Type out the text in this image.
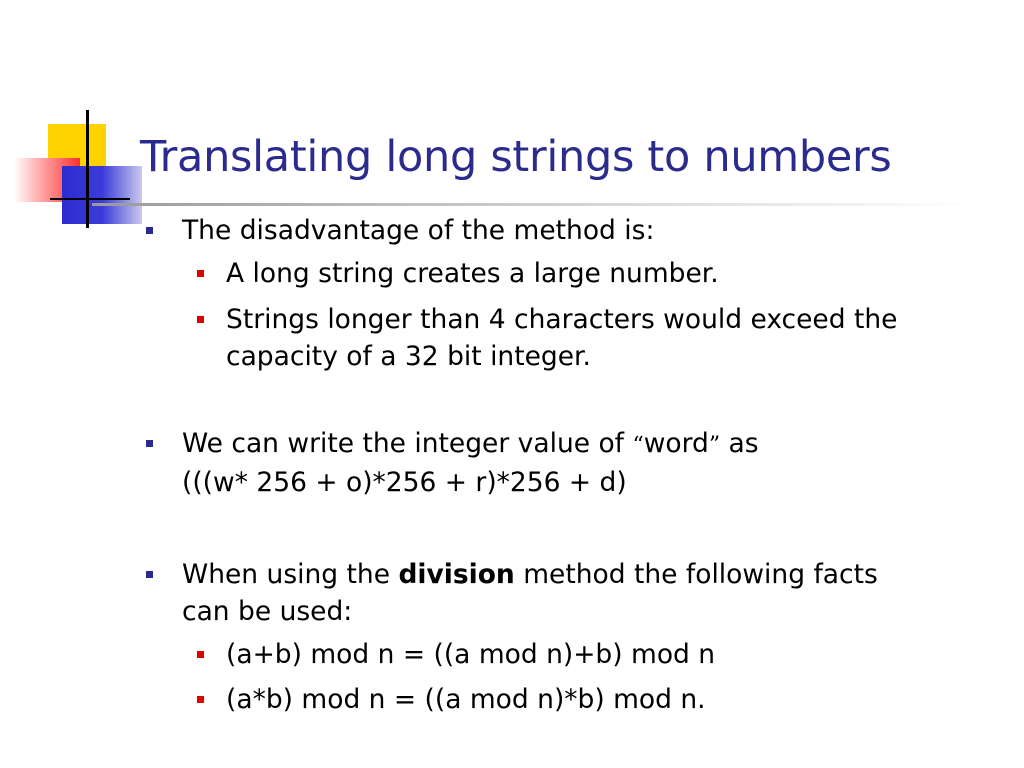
Translating long strings to numbers
The disadvantage of the method is:
A long string creates a large number.
Strings longer than 4 characters would exceed the
capacity of a 32 bit integer.
We can write the integer value of “word” as
(((w* 256 + o)*256 + r)*256 + d)
When using the division method the following facts
can be used:
(a+b) mod n = ((a mod n)+b) mod n
(a*b) mod n = ((a mod n)*b) mod n.
